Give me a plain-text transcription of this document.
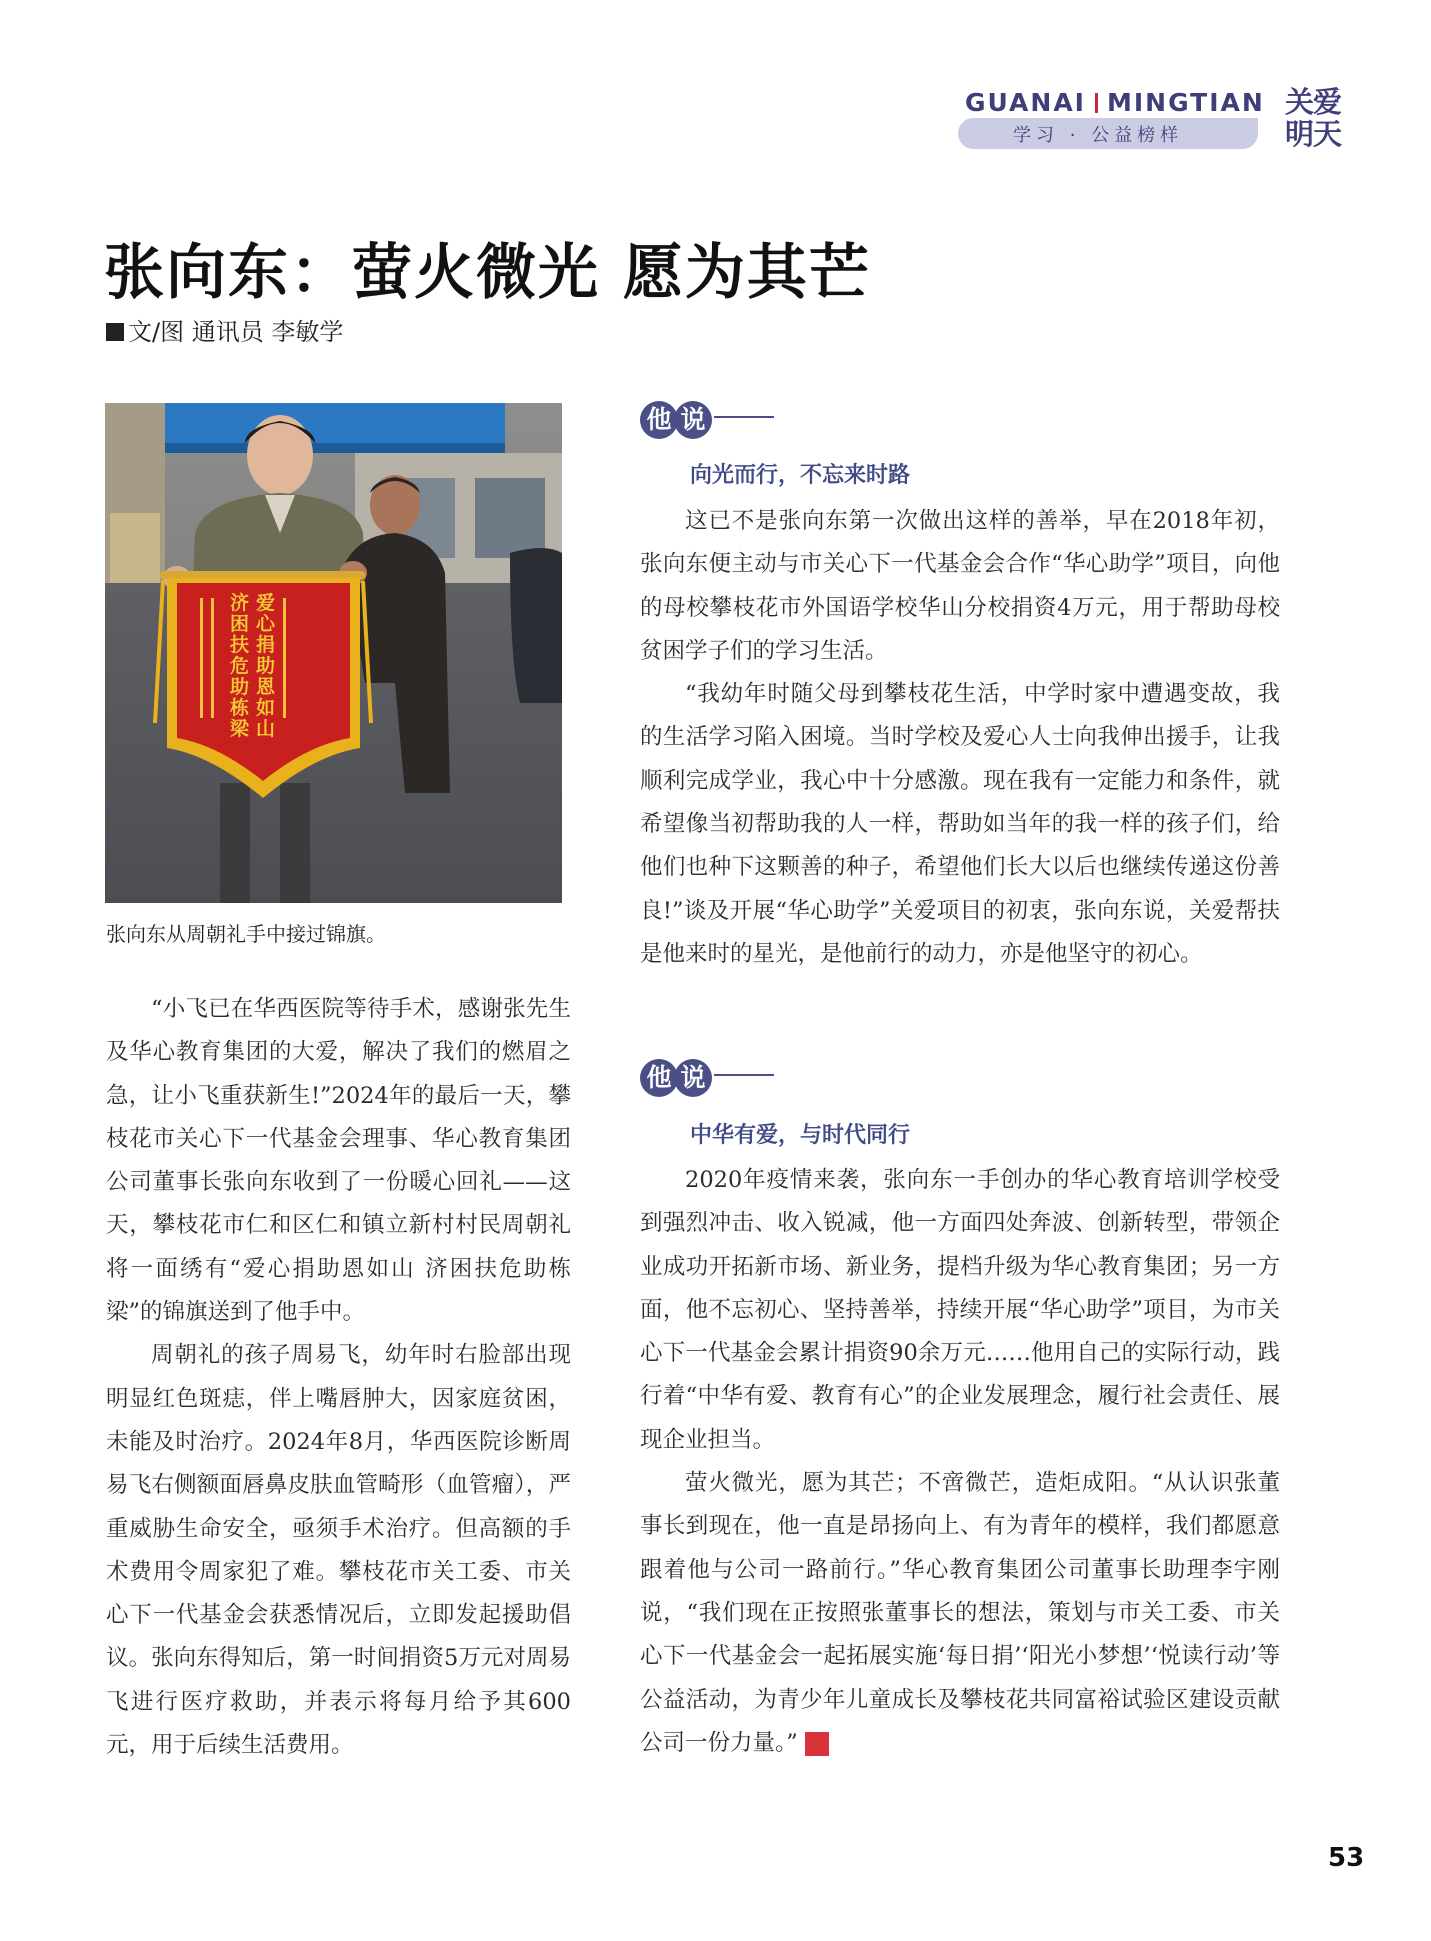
GUANAI MINGTIAN
学习 · 公益榜样
关爱明天
张向东：萤火微光 愿为其芒
文/图 通讯员 李敏学
爱心捐助恩如山
济困扶危助栋梁
张向东从周朝礼手中接过锦旗。

“小飞已在华西医院等待手术，感谢张先生及华心教育集团的大爱，解决了我们的燃眉之急，让小飞重获新生!”2024年的最后一天，攀枝花市关心下一代基金会理事、华心教育集团公司董事长张向东收到了一份暖心回礼——这天，攀枝花市仁和区仁和镇立新村村民周朝礼将一面绣有“爱心捐助恩如山 济困扶危助栋梁”的锦旗送到了他手中。

周朝礼的孩子周易飞，幼年时右脸部出现明显红色斑痣，伴上嘴唇肿大，因家庭贫困，未能及时治疗。2024年8月，华西医院诊断周易飞右侧额面唇鼻皮肤血管畸形（血管瘤），严重威胁生命安全，亟须手术治疗。但高额的手术费用令周家犯了难。攀枝花市关工委、市关心下一代基金会获悉情况后，立即发起援助倡议。张向东得知后，第一时间捐资5万元对周易飞进行医疗救助，并表示将每月给予其600元，用于后续生活费用。

他 说
向光而行，不忘来时路

这已不是张向东第一次做出这样的善举，早在2018年初，张向东便主动与市关心下一代基金会合作“华心助学”项目，向他的母校攀枝花市外国语学校华山分校捐资4万元，用于帮助母校贫困学子们的学习生活。

“我幼年时随父母到攀枝花生活，中学时家中遭遇变故，我的生活学习陷入困境。当时学校及爱心人士向我伸出援手，让我顺利完成学业，我心中十分感激。现在我有一定能力和条件，就希望像当初帮助我的人一样，帮助如当年的我一样的孩子们，给他们也种下这颗善的种子，希望他们长大以后也继续传递这份善良!”谈及开展“华心助学”关爱项目的初衷，张向东说，关爱帮扶是他来时的星光，是他前行的动力，亦是他坚守的初心。

他 说
中华有爱，与时代同行

2020年疫情来袭，张向东一手创办的华心教育培训学校受到强烈冲击、收入锐减，他一方面四处奔波、创新转型，带领企业成功开拓新市场、新业务，提档升级为华心教育集团；另一方面，他不忘初心、坚持善举，持续开展“华心助学”项目，为市关心下一代基金会累计捐资90余万元……他用自己的实际行动，践行着“中华有爱、教育有心”的企业发展理念，履行社会责任、展现企业担当。

萤火微光，愿为其芒；不啻微芒，造炬成阳。“从认识张董事长到现在，他一直是昂扬向上、有为青年的模样，我们都愿意跟着他与公司一路前行。”华心教育集团公司董事长助理李宇刚说，“我们现在正按照张董事长的想法，策划与市关工委、市关心下一代基金会一起拓展实施‘每日捐’‘阳光小梦想’‘悦读行动’等公益活动，为青少年儿童成长及攀枝花共同富裕试验区建设贡献公司一份力量。”	关

53
